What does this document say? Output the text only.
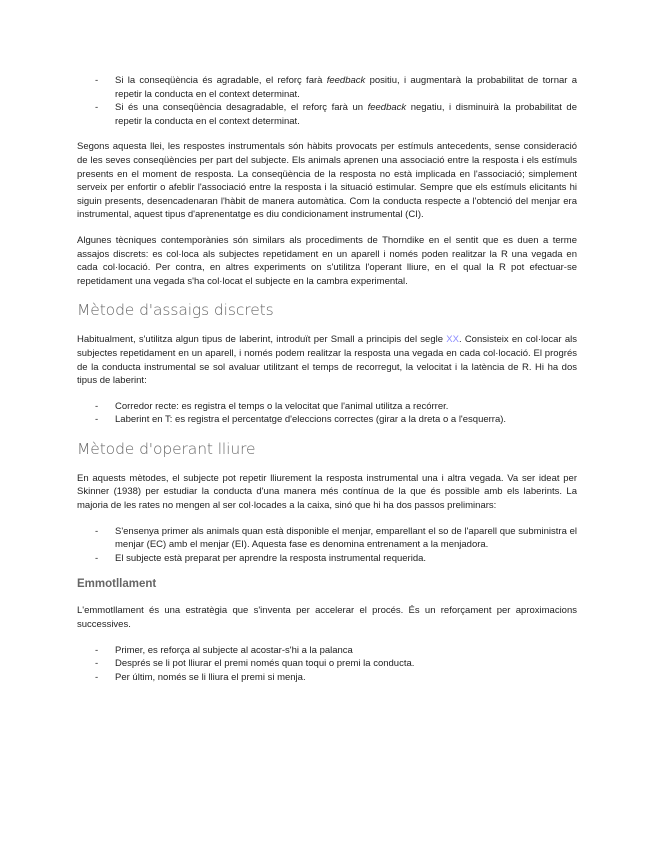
- Si la conseqüència és agradable, el reforç farà feedback positiu, i augmentarà la probabilitat de tornar a repetir la conducta en el context determinat.
- Si és una conseqüència desagradable, el reforç farà un feedback negatiu, i disminuirà la probabilitat de repetir la conducta en el context determinat.

Segons aquesta llei, les respostes instrumentals són hàbits provocats per estímuls antecedents, sense consideració de les seves conseqüències per part del subjecte. Els animals aprenen una associació entre la resposta i els estímuls presents en el moment de resposta. La conseqüència de la resposta no està implicada en l'associació; simplement serveix per enfortir o afeblir l'associació entre la resposta i la situació estimular. Sempre que els estímuls elicitants hi siguin presents, desencadenaran l'hàbit de manera automàtica. Com la conducta respecte a l'obtenció del menjar era instrumental, aquest tipus d'aprenentatge es diu condicionament instrumental (CI).

Algunes tècniques contemporànies són similars als procediments de Thorndike en el sentit que es duen a terme assajos discrets: es col·loca als subjectes repetidament en un aparell i només poden realitzar la R una vegada en cada col·locació. Per contra, en altres experiments on s'utilitza l'operant lliure, en el qual la R pot efectuar-se repetidament una vegada s'ha col·locat el subjecte en la cambra experimental.

Mètode d'assaigs discrets

Habitualment, s'utilitza algun tipus de laberint, introduït per Small a principis del segle XX. Consisteix en col·locar als subjectes repetidament en un aparell, i només podem realitzar la resposta una vegada en cada col·locació. El progrés de la conducta instrumental se sol avaluar utilitzant el temps de recorregut, la velocitat i la latència de R. Hi ha dos tipus de laberint:

- Corredor recte: es registra el temps o la velocitat que l'animal utilitza a recórrer.
- Laberint en T: es registra el percentatge d'eleccions correctes (girar a la dreta o a l'esquerra).
Mètode d'operant lliure

En aquests mètodes, el subjecte pot repetir lliurement la resposta instrumental una i altra vegada. Va ser ideat per Skinner (1938) per estudiar la conducta d'una manera més contínua de la que és possible amb els laberints. La majoria de les rates no mengen al ser col·locades a la caixa, sinó que hi ha dos passos preliminars:

- S'ensenya primer als animals quan està disponible el menjar, emparellant el so de l'aparell que subministra el menjar (EC) amb el menjar (EI). Aquesta fase es denomina entrenament a la menjadora.
- El subjecte està preparat per aprendre la resposta instrumental requerida.
Emmotllament

L'emmotllament és una estratègia que s'inventa per accelerar el procés. És un reforçament per aproximacions successives.

- Primer, es reforça al subjecte al acostar-s'hi a la palanca
- Després se li pot lliurar el premi només quan toqui o premi la conducta.
- Per últim, només se li lliura el premi si menja.
